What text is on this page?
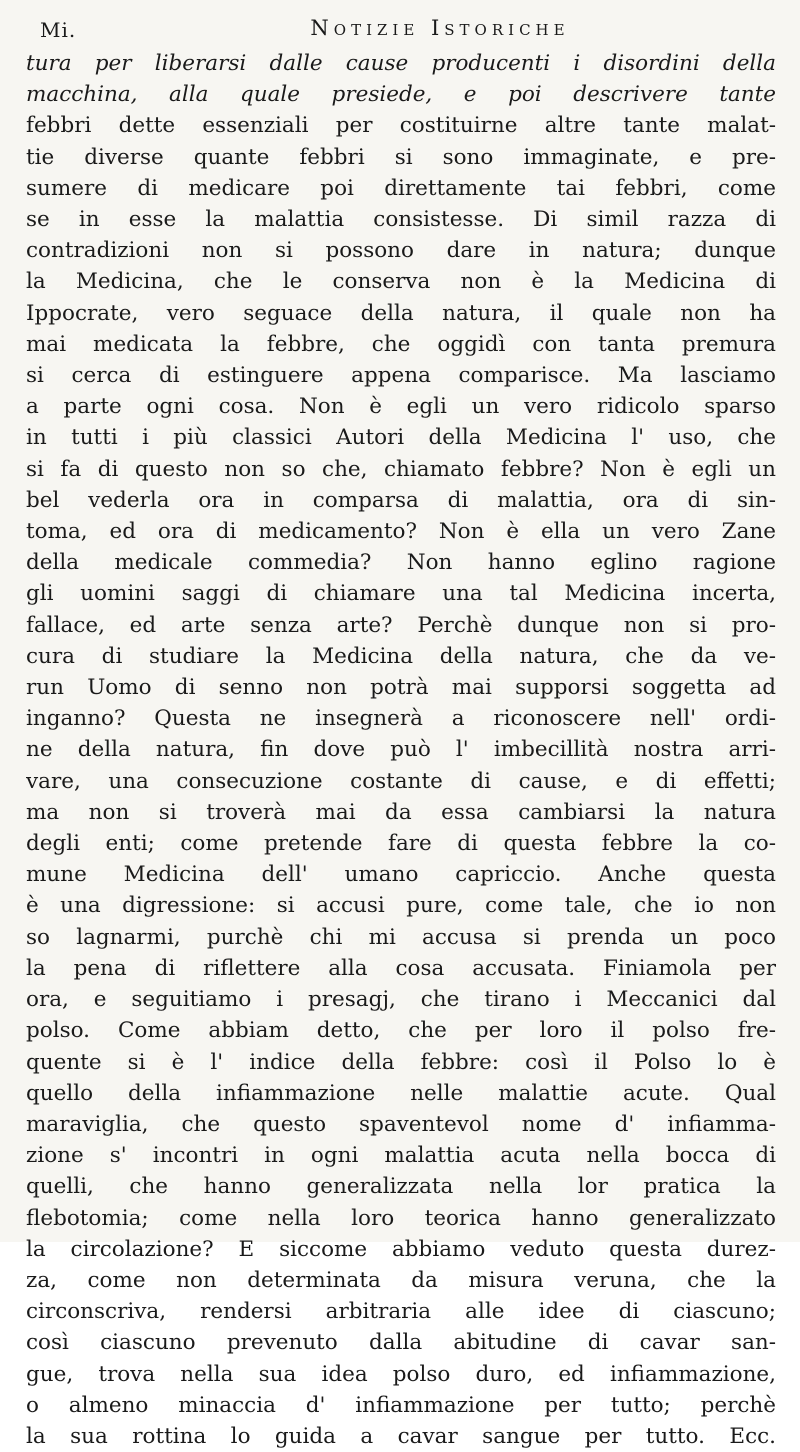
Mi.	Notizie Istoriche
tura per liberarsi dalle cause producenti i disordini della
macchina, alla quale presiede, e poi descrivere tante
febbri dette essenziali per costituirne altre tante malat-
tie diverse quante febbri si sono immaginate, e pre-
sumere di medicare poi direttamente tai febbri, come
se in esse la malattia consistesse. Di simil razza di
contradizioni non si possono dare in natura; dunque
la Medicina, che le conserva non è la Medicina di
Ippocrate, vero seguace della natura, il quale non ha
mai medicata la febbre, che oggidì con tanta premura
si cerca di estinguere appena comparisce. Ma lasciamo
a parte ogni cosa. Non è egli un vero ridicolo sparso
in tutti i più classici Autori della Medicina l' uso, che
si fa di questo non so che, chiamato febbre? Non è egli un
bel vederla ora in comparsa di malattia, ora di sin-
toma, ed ora di medicamento? Non è ella un vero Zane
della medicale commedia? Non hanno eglino ragione
gli uomini saggi di chiamare una tal Medicina incerta,
fallace, ed arte senza arte? Perchè dunque non si pro-
cura di studiare la Medicina della natura, che da ve-
run Uomo di senno non potrà mai supporsi soggetta ad
inganno? Questa ne insegnerà a riconoscere nell' ordi-
ne della natura, fin dove può l' imbecillità nostra arri-
vare, una consecuzione costante di cause, e di effetti;
ma non si troverà mai da essa cambiarsi la natura
degli enti; come pretende fare di questa febbre la co-
mune Medicina dell' umano capriccio. Anche questa
è una digressione: si accusi pure, come tale, che io non
so lagnarmi, purchè chi mi accusa si prenda un poco
la pena di riflettere alla cosa accusata. Finiamola per
ora, e seguitiamo i presagj, che tirano i Meccanici dal
polso. Come abbiam detto, che per loro il polso fre-
quente si è l' indice della febbre: così il Polso lo è
quello della infiammazione nelle malattie acute. Qual
maraviglia, che questo spaventevol nome d' infiamma-
zione s' incontri in ogni malattia acuta nella bocca di
quelli, che hanno generalizzata nella lor pratica la
flebotomia; come nella loro teorica hanno generalizzato
la circolazione? E siccome abbiamo veduto questa durez-
za, come non determinata da misura veruna, che la
circonscriva, rendersi arbitraria alle idee di ciascuno;
così ciascuno prevenuto dalla abitudine di cavar san-
gue, trova nella sua idea polso duro, ed infiammazione,
o almeno minaccia d' infiammazione per tutto; perchè
la sua rottina lo guida a cavar sangue per tutto. Ecc.
